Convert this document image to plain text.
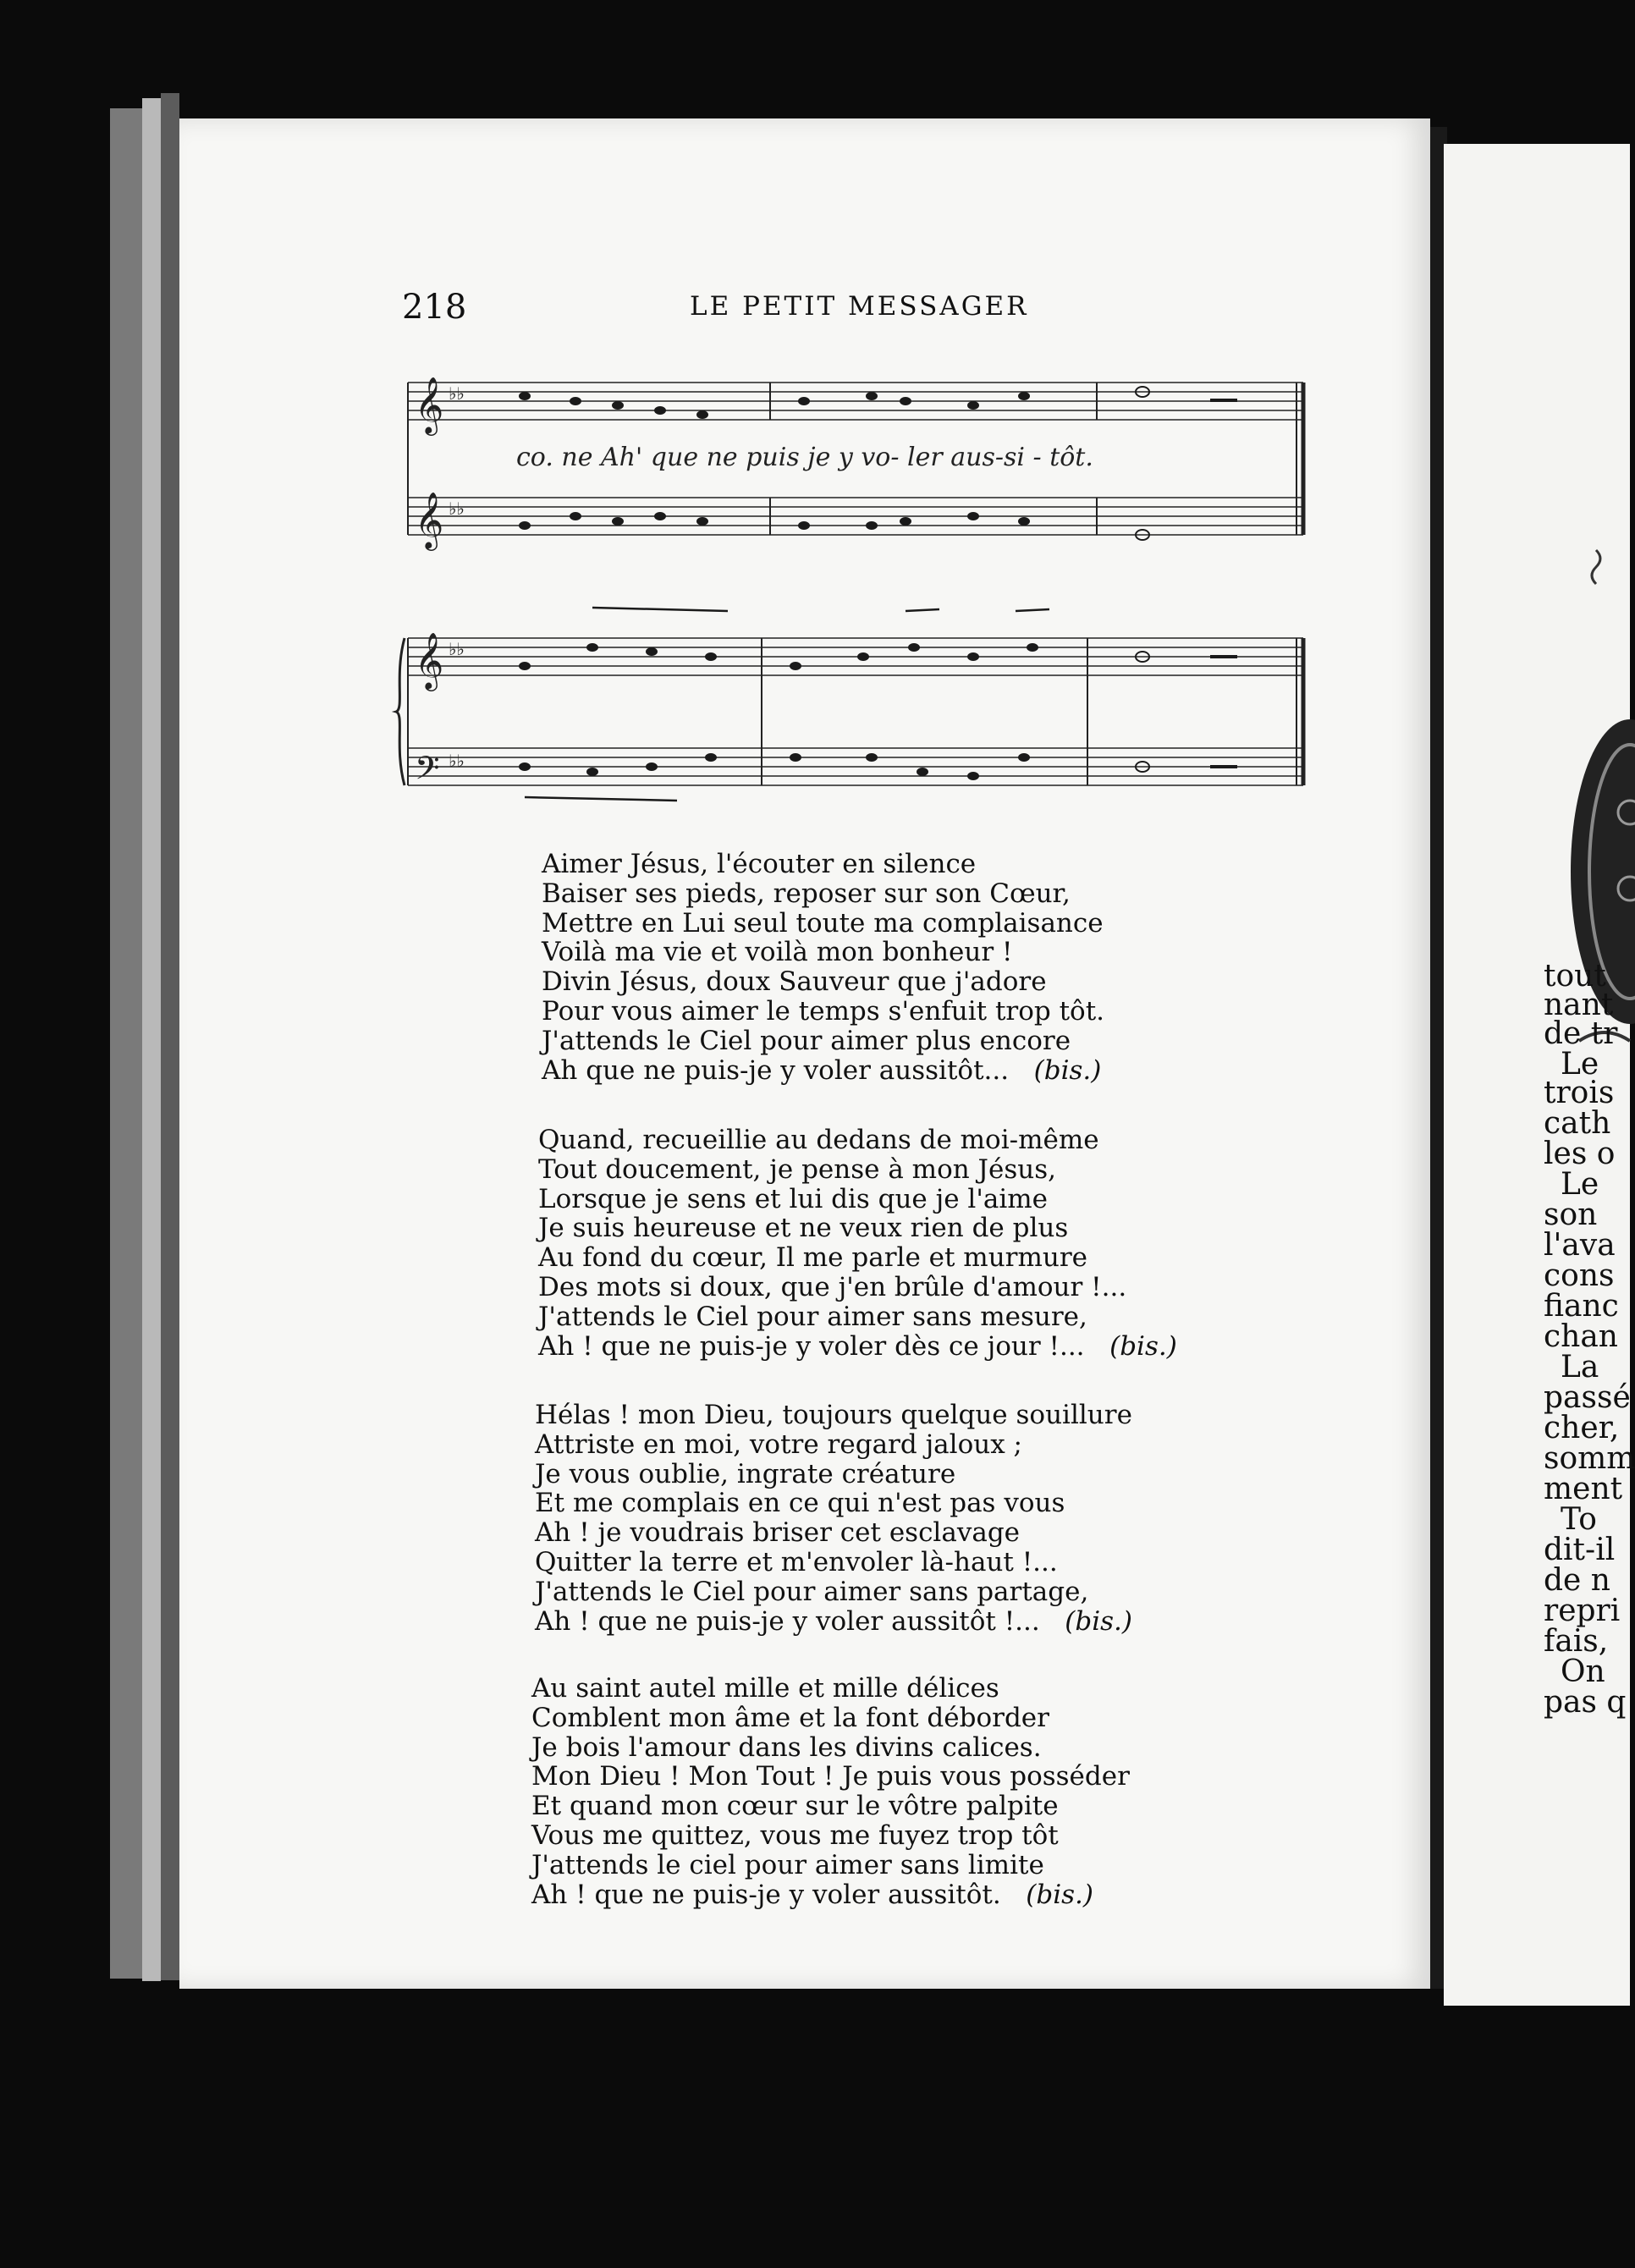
218	LE PETIT MESSAGER
𝄞
𝄞
𝄞
𝄢
♭♭
♭♭
♭♭
♭♭
co. ne Ah' que ne puis je y vo- ler aus-si - tôt.

Aimer Jésus, l'écouter en silence
Baiser ses pieds, reposer sur son Cœur,
Mettre en Lui seul toute ma complaisance
Voilà ma vie et voilà mon bonheur !
Divin Jésus, doux Sauveur que j'adore
Pour vous aimer le temps s'enfuit trop tôt.
J'attends le Ciel pour aimer plus encore
Ah que ne puis-je y voler aussitôt... (bis.)

Quand, recueillie au dedans de moi-même
Tout doucement, je pense à mon Jésus,
Lorsque je sens et lui dis que je l'aime
Je suis heureuse et ne veux rien de plus
Au fond du cœur, Il me parle et murmure
Des mots si doux, que j'en brûle d'amour !...
J'attends le Ciel pour aimer sans mesure,
Ah ! que ne puis-je y voler dès ce jour !... (bis.)

Hélas ! mon Dieu, toujours quelque souillure
Attriste en moi, votre regard jaloux ;
Je vous oublie, ingrate créature
Et me complais en ce qui n'est pas vous
Ah ! je voudrais briser cet esclavage
Quitter la terre et m'envoler là-haut !...
J'attends le Ciel pour aimer sans partage,
Ah ! que ne puis-je y voler aussitôt !... (bis.)

Au saint autel mille et mille délices
Comblent mon âme et la font déborder
Je bois l'amour dans les divins calices.
Mon Dieu ! Mon Tout ! Je puis vous posséder
Et quand mon cœur sur le vôtre palpite
Vous me quittez, vous me fuyez trop tôt
J'attends le ciel pour aimer sans limite
Ah ! que ne puis-je y voler aussitôt. (bis.)

tout
nant
de tr
Le
trois
cath
les o
Le
son
l'ava
cons
fianc
chan
La
passé
cher,
somm
ment
To
dit-il
de n
repri
fais,
On
pas q
